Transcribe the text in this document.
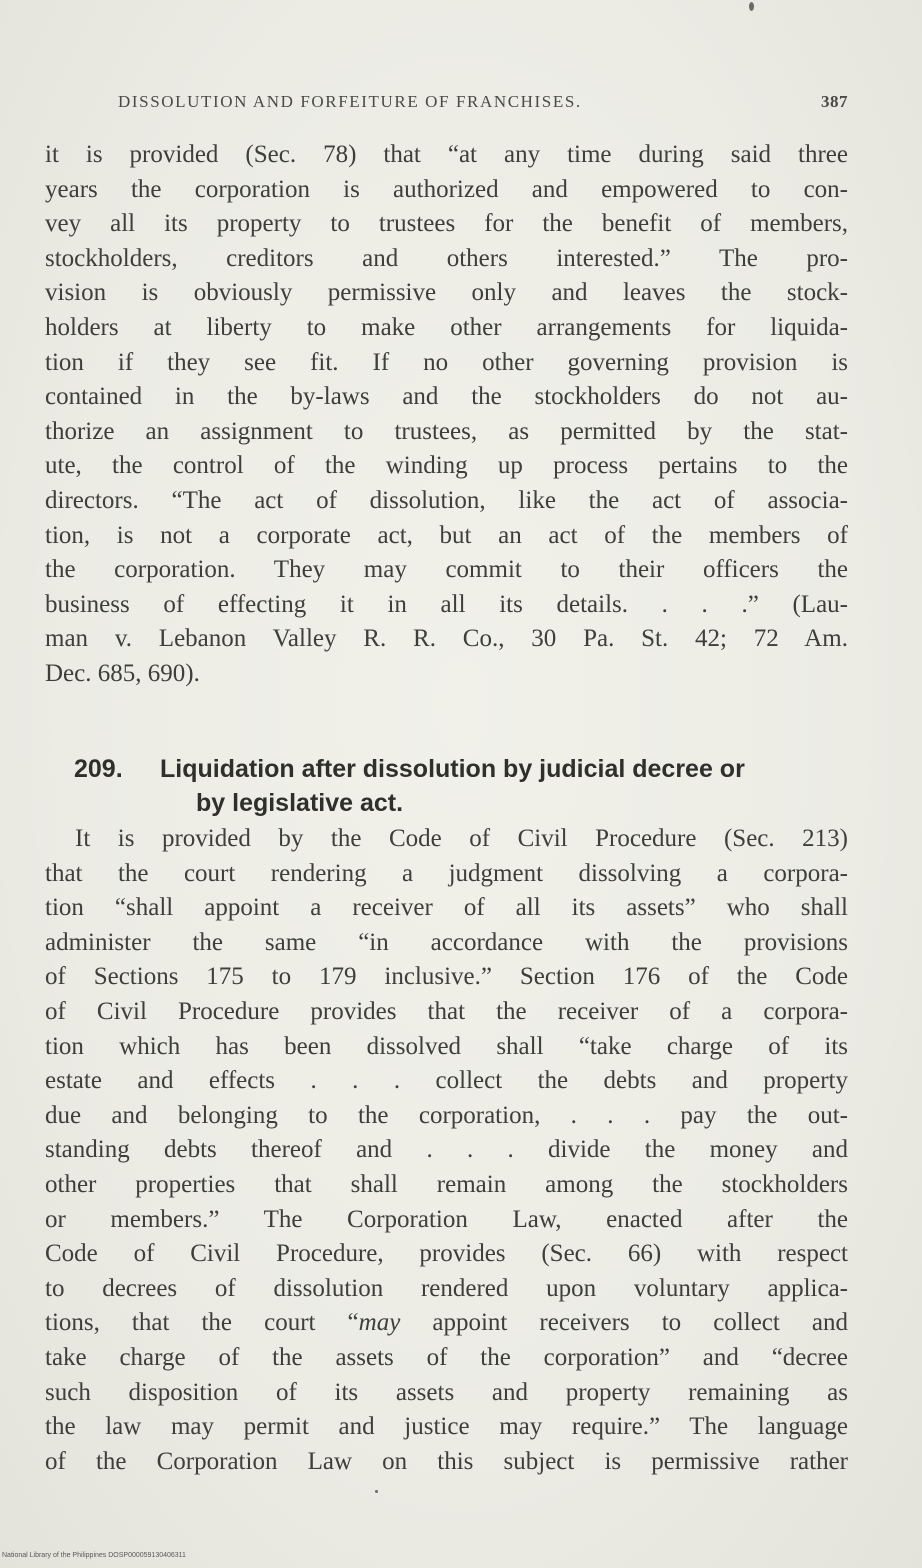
DISSOLUTION AND FORFEITURE OF FRANCHISES.	387
it is provided (Sec. 78) that “at any time during said three
years the corporation is authorized and empowered to con-
vey all its property to trustees for the benefit of members,
stockholders, creditors and others interested.” The pro-
vision is obviously permissive only and leaves the stock-
holders at liberty to make other arrangements for liquida-
tion if they see fit. If no other governing provision is
contained in the by-laws and the stockholders do not au-
thorize an assignment to trustees, as permitted by the stat-
ute, the control of the winding up process pertains to the
directors. “The act of dissolution, like the act of associa-
tion, is not a corporate act, but an act of the members of
the corporation. They may commit to their officers the
business of effecting it in all its details. . . .” (Lau-
man v. Lebanon Valley R. R. Co., 30 Pa. St. 42; 72 Am.
Dec. 685, 690).
209. Liquidation after dissolution by judicial decree or
by legislative act.
It is provided by the Code of Civil Procedure (Sec. 213)
that the court rendering a judgment dissolving a corpora-
tion “shall appoint a receiver of all its assets” who shall
administer the same “in accordance with the provisions
of Sections 175 to 179 inclusive.” Section 176 of the Code
of Civil Procedure provides that the receiver of a corpora-
tion which has been dissolved shall “take charge of its
estate and effects . . . collect the debts and property
due and belonging to the corporation, . . . pay the out-
standing debts thereof and . . . divide the money and
other properties that shall remain among the stockholders
or members.” The Corporation Law, enacted after the
Code of Civil Procedure, provides (Sec. 66) with respect
to decrees of dissolution rendered upon voluntary applica-
tions, that the court “may appoint receivers to collect and
take charge of the assets of the corporation” and “decree
such disposition of its assets and property remaining as
the law may permit and justice may require.” The language
of the Corporation Law on this subject is permissive rather
National Library of the Philippines DOSP000059130406311
